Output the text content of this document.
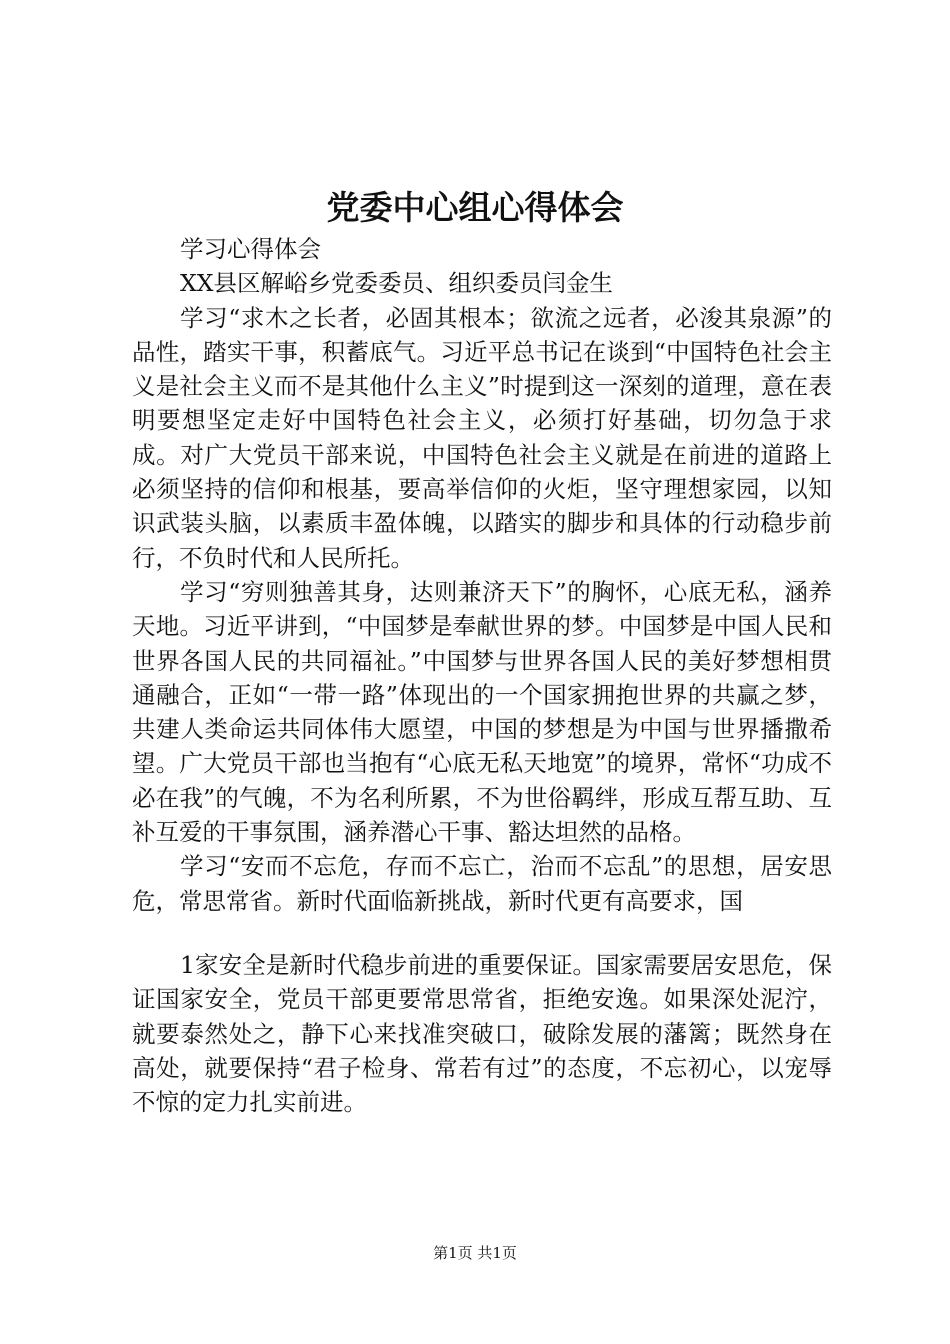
党委中心组心得体会

学习心得体会

XX县区解峪乡党委委员、组织委员闫金生

学习“求木之长者，必固其根本；欲流之远者，必浚其泉源”的品性，踏实干事，积蓄底气。习近平总书记在谈到“中国特色社会主义是社会主义而不是其他什么主义”时提到这一深刻的道理，意在表明要想坚定走好中国特色社会主义，必须打好基础，切勿急于求成。对广大党员干部来说，中国特色社会主义就是在前进的道路上必须坚持的信仰和根基，要高举信仰的火炬，坚守理想家园，以知识武装头脑，以素质丰盈体魄，以踏实的脚步和具体的行动稳步前行，不负时代和人民所托。

学习“穷则独善其身，达则兼济天下”的胸怀，心底无私，涵养天地。习近平讲到，“中国梦是奉献世界的梦。中国梦是中国人民和世界各国人民的共同福祉。”中国梦与世界各国人民的美好梦想相贯通融合，正如“一带一路”体现出的一个国家拥抱世界的共赢之梦，共建人类命运共同体伟大愿望，中国的梦想是为中国与世界播撒希望。广大党员干部也当抱有“心底无私天地宽”的境界，常怀“功成不必在我”的气魄，不为名利所累，不为世俗羁绊，形成互帮互助、互补互爱的干事氛围，涵养潜心干事、豁达坦然的品格。

学习“安而不忘危，存而不忘亡，治而不忘乱”的思想，居安思危，常思常省。新时代面临新挑战，新时代更有高要求，国

1家安全是新时代稳步前进的重要保证。国家需要居安思危，保证国家安全，党员干部更要常思常省，拒绝安逸。如果深处泥泞，就要泰然处之，静下心来找准突破口，破除发展的藩篱；既然身在高处，就要保持“君子检身、常若有过”的态度，不忘初心，以宠辱不惊的定力扎实前进。

第1页 共1页
